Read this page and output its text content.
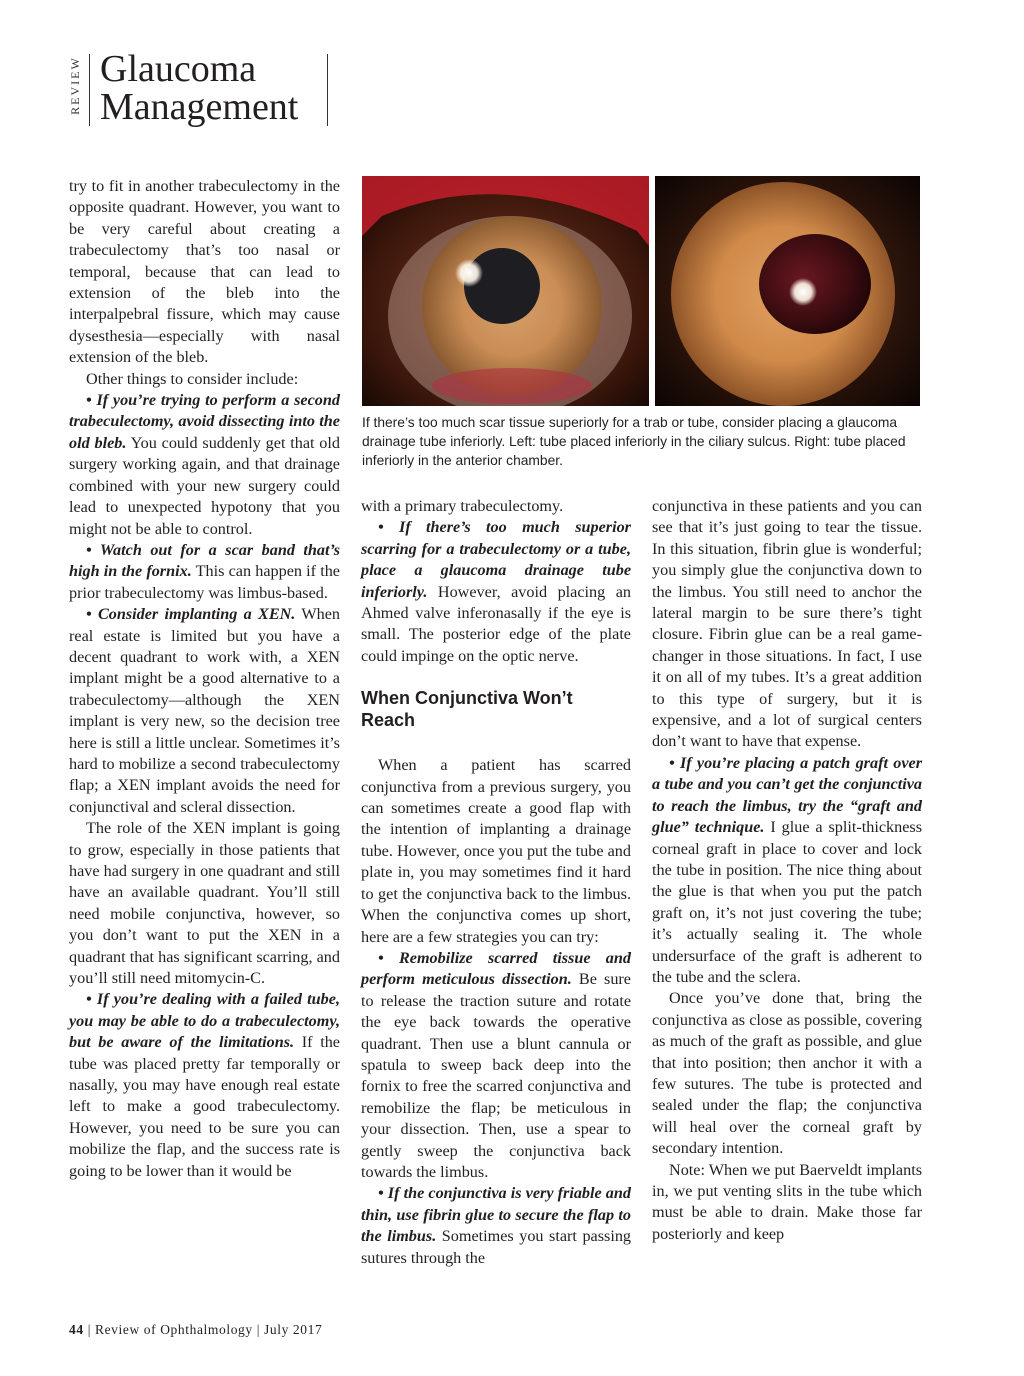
REVIEW Glaucoma
Management

try to fit in another trabeculectomy in the opposite quadrant. However, you want to be very careful about creating a trabeculectomy that’s too nasal or temporal, because that can lead to extension of the bleb into the interpalpebral fissure, which may cause dysesthesia—especially with nasal extension of the bleb.

Other things to consider include:

• If you’re trying to perform a second trabeculectomy, avoid dissecting into the old bleb. You could suddenly get that old surgery working again, and that drainage combined with your new surgery could lead to unexpected hypotony that you might not be able to control.

• Watch out for a scar band that’s high in the fornix. This can happen if the prior trabeculectomy was limbus-based.

• Consider implanting a XEN. When real estate is limited but you have a decent quadrant to work with, a XEN implant might be a good alternative to a trabeculectomy—although the XEN implant is very new, so the decision tree here is still a little unclear. Sometimes it’s hard to mobilize a second trabeculectomy flap; a XEN implant avoids the need for conjunctival and scleral dissection.

The role of the XEN implant is going to grow, especially in those patients that have had surgery in one quadrant and still have an available quadrant. You’ll still need mobile conjunctiva, however, so you don’t want to put the XEN in a quadrant that has significant scarring, and you’ll still need mitomycin-C.

• If you’re dealing with a failed tube, you may be able to do a trabeculectomy, but be aware of the limitations. If the tube was placed pretty far temporally or nasally, you may have enough real estate left to make a good trabeculectomy. However, you need to be sure you can mobilize the flap, and the success rate is going to be lower than it would be

If there’s too much scar tissue superiorly for a trab or tube, consider placing a glaucoma drainage tube inferiorly. Left: tube placed inferiorly in the ciliary sulcus. Right: tube placed inferiorly in the anterior chamber.

with a primary trabeculectomy.

• If there’s too much superior scarring for a trabeculectomy or a tube, place a glaucoma drainage tube inferiorly. However, avoid placing an Ahmed valve inferonasally if the eye is small. The posterior edge of the plate could impinge on the optic nerve.

When Conjunctiva Won’t Reach

When a patient has scarred conjunctiva from a previous surgery, you can sometimes create a good flap with the intention of implanting a drainage tube. However, once you put the tube and plate in, you may sometimes find it hard to get the conjunctiva back to the limbus. When the conjunctiva comes up short, here are a few strategies you can try:

• Remobilize scarred tissue and perform meticulous dissection. Be sure to release the traction suture and rotate the eye back towards the operative quadrant. Then use a blunt cannula or spatula to sweep back deep into the fornix to free the scarred conjunctiva and remobilize the flap; be meticulous in your dissection. Then, use a spear to gently sweep the conjunctiva back towards the limbus.

• If the conjunctiva is very friable and thin, use fibrin glue to secure the flap to the limbus. Sometimes you start passing sutures through the

conjunctiva in these patients and you can see that it’s just going to tear the tissue. In this situation, fibrin glue is wonderful; you simply glue the conjunctiva down to the limbus. You still need to anchor the lateral margin to be sure there’s tight closure. Fibrin glue can be a real game-changer in those situations. In fact, I use it on all of my tubes. It’s a great addition to this type of surgery, but it is expensive, and a lot of surgical centers don’t want to have that expense.

• If you’re placing a patch graft over a tube and you can’t get the conjunctiva to reach the limbus, try the “graft and glue” technique. I glue a split-thickness corneal graft in place to cover and lock the tube in position. The nice thing about the glue is that when you put the patch graft on, it’s not just covering the tube; it’s actually sealing it. The whole undersurface of the graft is adherent to the tube and the sclera.

Once you’ve done that, bring the conjunctiva as close as possible, covering as much of the graft as possible, and glue that into position; then anchor it with a few sutures. The tube is protected and sealed under the flap; the conjunctiva will heal over the corneal graft by secondary intention.

Note: When we put Baerveldt implants in, we put venting slits in the tube which must be able to drain. Make those far posteriorly and keep

44 | Review of Ophthalmology | July 2017
